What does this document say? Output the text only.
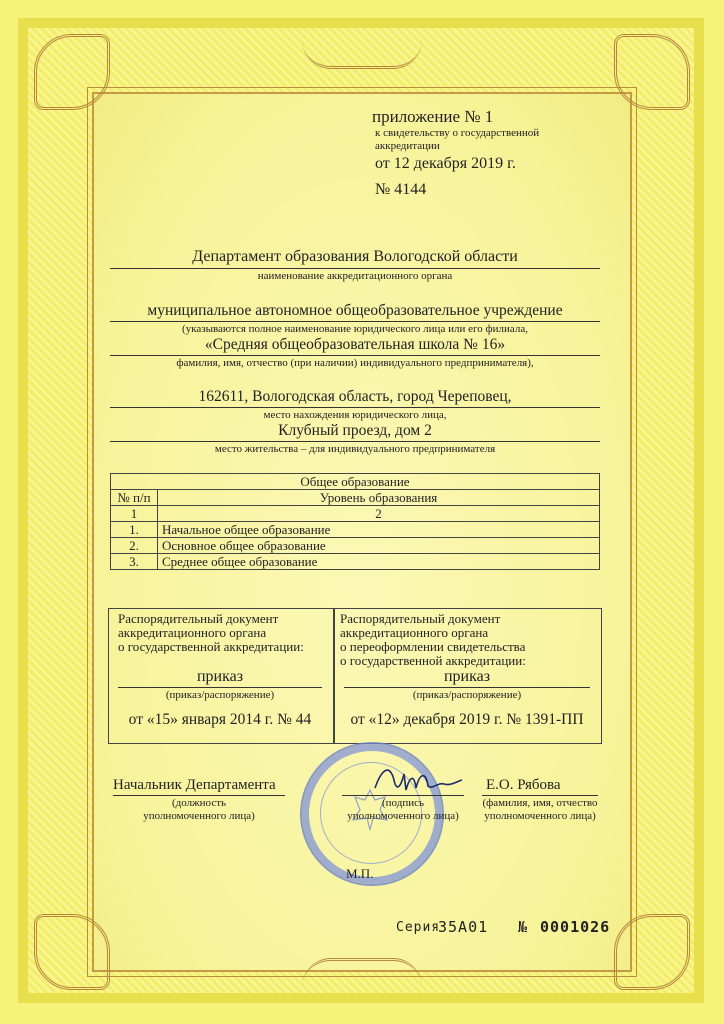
приложение № 1
к свидетельству о государственной
аккредитации
от 12 декабря 2019 г.
№ 4144
Департамент образования Вологодской области
наименование аккредитационного органа
муниципальное автономное общеобразовательное учреждение
(указываются полное наименование юридического лица или его филиала,
«Средняя общеобразовательная школа № 16»
фамилия, имя, отчество (при наличии) индивидуального предпринимателя),
162611, Вологодская область, город Череповец,
место нахождения юридического лица,
Клубный проезд, дом 2
место жительства – для индивидуального предпринимателя
Общее образование	
№ п/п	Уровень образования
1	2
1.	Начальное общее образование
2.	Основное общее образование
3.	Среднее общее образование
Распорядительный документ
аккредитационного органа
о государственной аккредитации:
приказ
(приказ/распоряжение)
от «15» января 2014 г. № 44
Распорядительный документ
аккредитационного органа
о переоформлении свидетельства
о государственной аккредитации:
приказ
(приказ/распоряжение)
от «12» декабря 2019 г. № 1391-ПП
Начальник Департамента
(должность
уполномоченного лица)
(подпись
уполномоченного лица)
Е.О. Рябова
(фамилия, имя, отчество
уполномоченного лица)
М.П.
Серия
35А01 № 0001026
